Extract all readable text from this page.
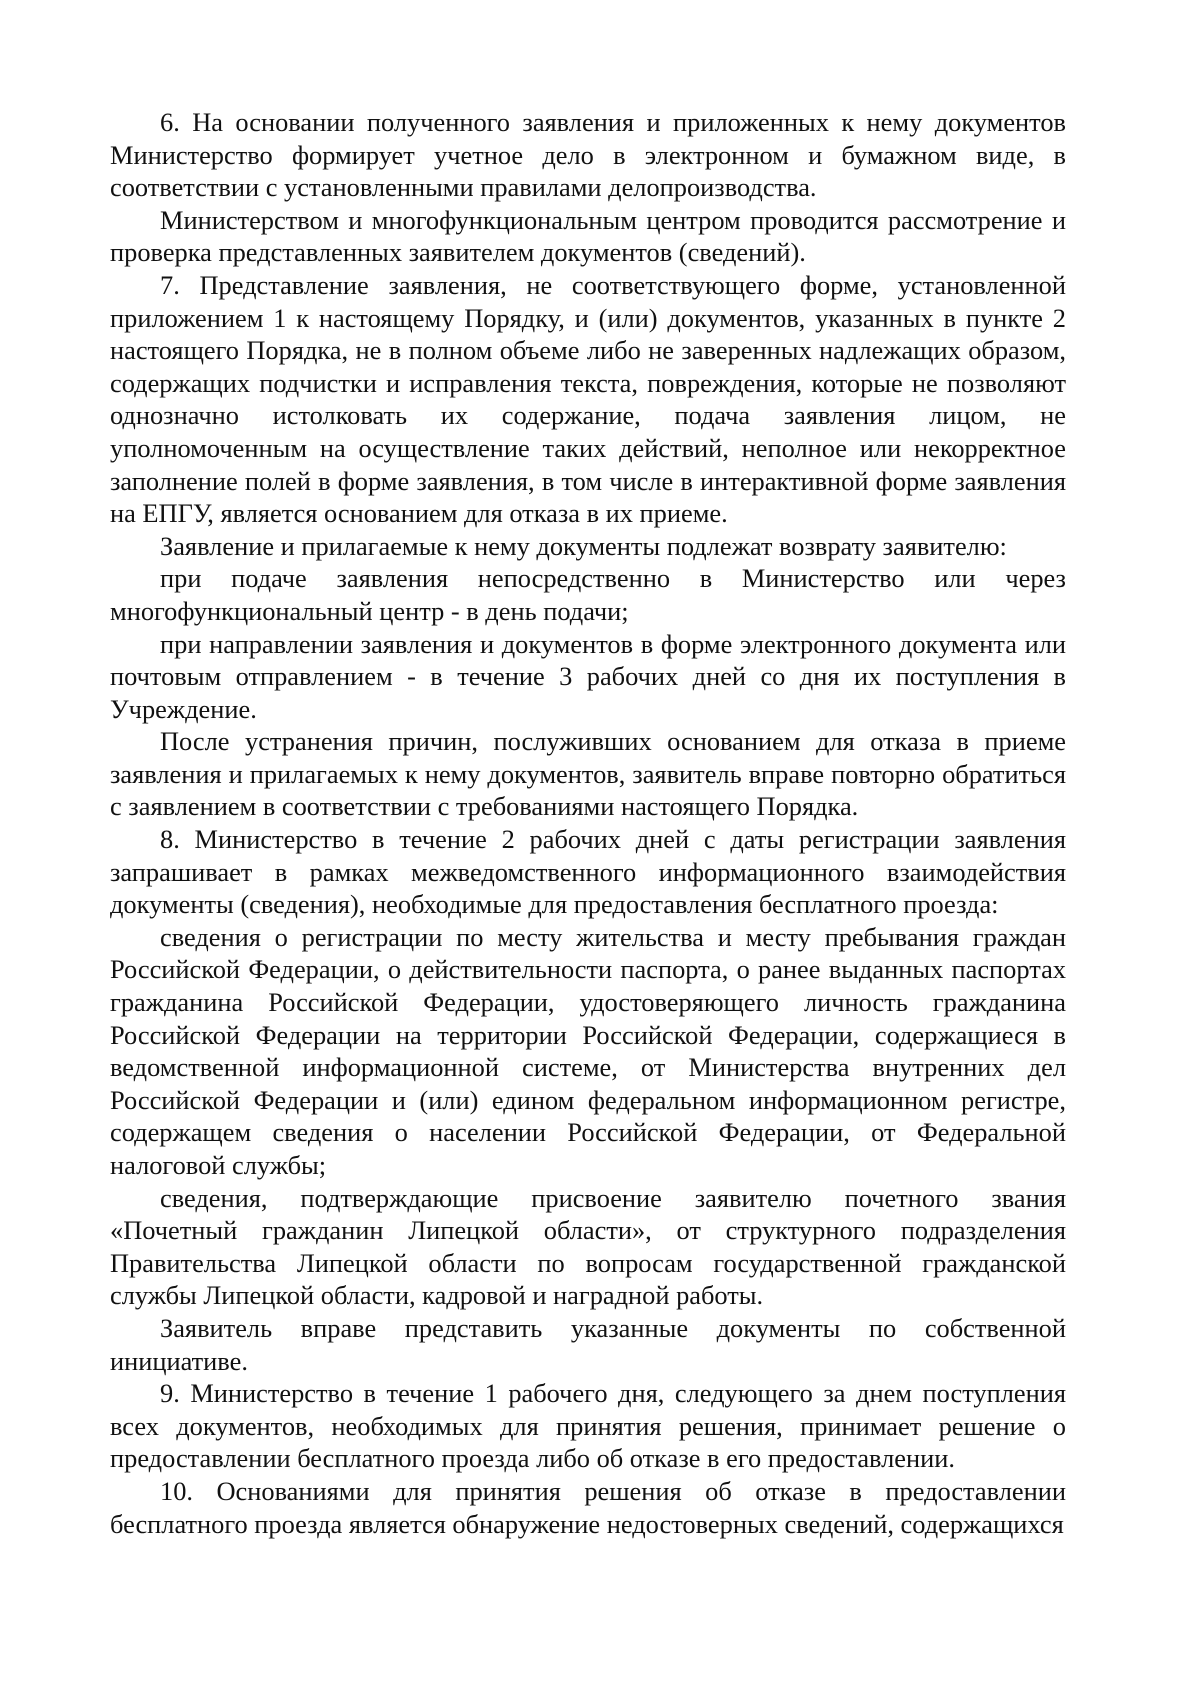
6. На основании полученного заявления и приложенных к нему документов Министерство формирует учетное дело в электронном и бумажном виде, в соответствии с установленными правилами делопроизводства.

Министерством и многофункциональным центром проводится рассмотрение и проверка представленных заявителем документов (сведений).

7. Представление заявления, не соответствующего форме, установленной приложением 1 к настоящему Порядку, и (или) документов, указанных в пункте 2 настоящего Порядка, не в полном объеме либо не заверенных надлежащих образом, содержащих подчистки и исправления текста, повреждения, которые не позволяют однозначно истолковать их содержание, подача заявления лицом, не уполномоченным на осуществление таких действий, неполное или некорректное заполнение полей в форме заявления, в том числе в интерактивной форме заявления на ЕПГУ, является основанием для отказа в их приеме.

Заявление и прилагаемые к нему документы подлежат возврату заявителю:

при подаче заявления непосредственно в Министерство или через многофункциональный центр - в день подачи;

при направлении заявления и документов в форме электронного документа или почтовым отправлением - в течение 3 рабочих дней со дня их поступления в Учреждение.

После устранения причин, послуживших основанием для отказа в приеме заявления и прилагаемых к нему документов, заявитель вправе повторно обратиться с заявлением в соответствии с требованиями настоящего Порядка.

8. Министерство в течение 2 рабочих дней с даты регистрации заявления запрашивает в рамках межведомственного информационного взаимодействия документы (сведения), необходимые для предоставления бесплатного проезда:

сведения о регистрации по месту жительства и месту пребывания граждан Российской Федерации, о действительности паспорта, о ранее выданных паспортах гражданина Российской Федерации, удостоверяющего личность гражданина Российской Федерации на территории Российской Федерации, содержащиеся в ведомственной информационной системе, от Министерства внутренних дел Российской Федерации и (или) едином федеральном информационном регистре, содержащем сведения о населении Российской Федерации, от Федеральной налоговой службы;

сведения, подтверждающие присвоение заявителю почетного звания «Почетный гражданин Липецкой области», от структурного подразделения Правительства Липецкой области по вопросам государственной гражданской службы Липецкой области, кадровой и наградной работы.

Заявитель вправе представить указанные документы по собственной инициативе.

9. Министерство в течение 1 рабочего дня, следующего за днем поступления всех документов, необходимых для принятия решения, принимает решение о предоставлении бесплатного проезда либо об отказе в его предоставлении.

10. Основаниями для принятия решения об отказе в предоставлении бесплатного проезда является обнаружение недостоверных сведений, содержащихся
